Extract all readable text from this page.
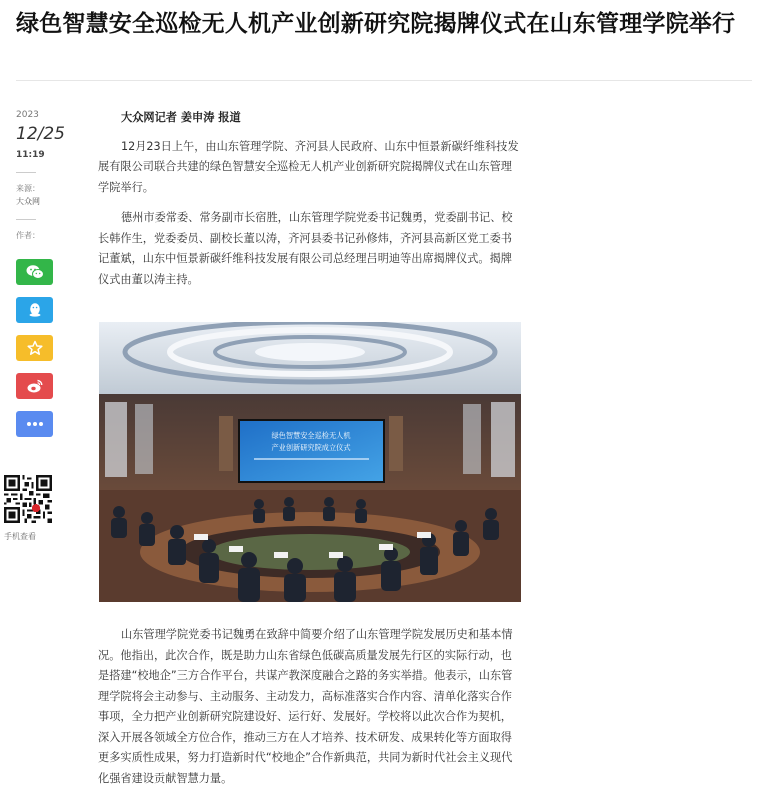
绿色智慧安全巡检无人机产业创新研究院揭牌仪式在山东管理学院举行
2023
12/25
11:19
来源：
大众网
作者：
手机查看
大众网记者 姜申涛 报道

12月23日上午，由山东管理学院、齐河县人民政府、山东中恒景新碳纤维科技发展有限公司联合共建的绿色智慧安全巡检无人机产业创新研究院揭牌仪式在山东管理学院举行。

德州市委常委、常务副市长宿胜，山东管理学院党委书记魏勇，党委副书记、校长韩作生，党委委员、副校长董以涛，齐河县委书记孙修炜，齐河县高新区党工委书记董斌，山东中恒景新碳纤维科技发展有限公司总经理吕明迪等出席揭牌仪式。揭牌仪式由董以涛主持。

绿色智慧安全巡检无人机
产业创新研究院成立仪式

山东管理学院党委书记魏勇在致辞中简要介绍了山东管理学院发展历史和基本情况。他指出，此次合作，既是助力山东省绿色低碳高质量发展先行区的实际行动，也是搭建“校地企”三方合作平台，共谋产教深度融合之路的务实举措。他表示，山东管理学院将会主动参与、主动服务、主动发力，高标准落实合作内容、清单化落实合作事项，全力把产业创新研究院建设好、运行好、发展好。学校将以此次合作为契机，深入开展各领域全方位合作，推动三方在人才培养、技术研发、成果转化等方面取得更多实质性成果，努力打造新时代“校地企”合作新典范，共同为新时代社会主义现代化强省建设贡献智慧力量。
